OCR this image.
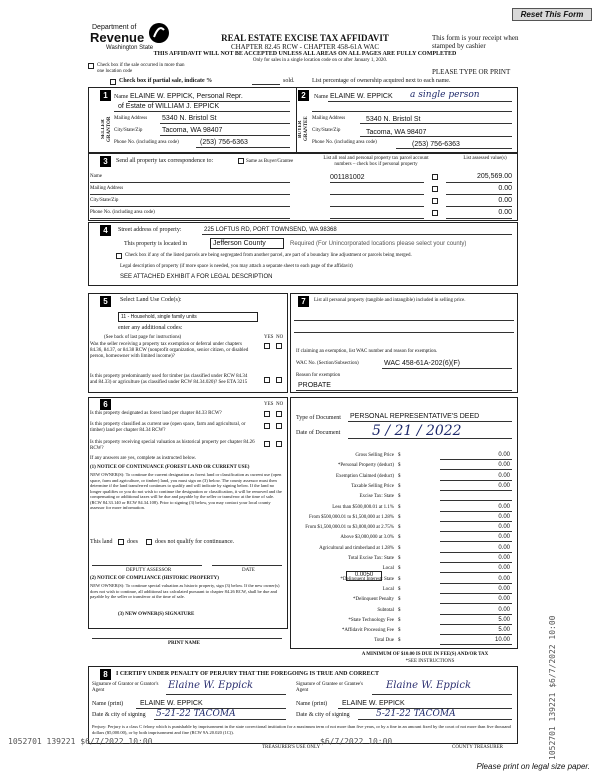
Reset This Form
Department of
Revenue
Washington State
REAL ESTATE EXCISE TAX AFFIDAVIT
CHAPTER 82.45 RCW - CHAPTER 458-61A WAC
THIS AFFIDAVIT WILL NOT BE ACCEPTED UNLESS ALL AREAS ON ALL PAGES ARE FULLY COMPLETED
Only for sales in a single location code on or after January 1, 2020.
This form is your receipt when stamped by cashier
PLEASE TYPE OR PRINT
Check box if the sale occurred in more than one location code
Check box if partial sale, indicate %	sold.	List percentage of ownership acquired next to each name.
1	2
SELLER GRANTOR	BUYER GRANTEE
Name ELAINE W. EPPICK, Personal Repr.
of Estate of WILLIAM J. EPPICK
Mailing Address 5340 N. Bristol St
City/State/Zip	Tacoma, WA 98407
Phone No. (including area code)	(253) 756-6363
Name ELAINE W. EPPICK	a single person
Mailing Address	5340 N. Bristol St
City/State/Zip	Tacoma, WA 98407
Phone No. (including area code)	(253) 756-6363
3	Send all property tax correspondence to:	Same as Buyer/Grantee
Name
Mailing Address
City/State/Zip
Phone No. (including area code)
List all real and personal property tax parcel account numbers – check box if personal property
List assessed value(s)
001181002	205,569.00
0.00
0.00
0.00
4	Street address of property:	225 LOFTUS RD, PORT TOWNSEND, WA 98368
This property is located in	Jefferson County	Required (For Unincorporated locations please select your county)
Check box if any of the listed parcels are being segregated from another parcel, are part of a boundary line adjustment or parcels being merged.
Legal description of property (if more space is needed, you may attach a separate sheet to each page of the affidavit)
SEE ATTACHED EXHIBIT A FOR LEGAL DESCRIPTION
5	Select Land Use Code(s):
11 - Household, single family units
enter any additional codes:
(See back of last page for instructions)	YES NO
Was the seller receiving a property tax exemption or deferral under chapters 84.36, 84.37, or 84.38 RCW (nonprofit organization, senior citizen, or disabled person, homeowner with limited income)?
Is this property predominantly used for timber (as classified under RCW 84.34 and 84.33) or agriculture (as classified under RCW 84.34.020)? See ETA 3215
6	YES NO
Is this property designated as forest land per chapter 84.33 RCW?
Is this property classified as current use (open space, farm and agricultural, or timber) land per chapter 84.34 RCW?
Is this property receiving special valuation as historical property per chapter 84.26 RCW?
If any answers are yes, complete as instructed below.
(1) NOTICE OF CONTINUANCE (FOREST LAND OR CURRENT USE)
NEW OWNER(S): To continue the current designation as forest land or classification as current use (open space, farm and agriculture, or timber) land, you must sign on (3) below. The county assessor must then determine if the land transferred continues to qualify and will indicate by signing below. If the land no longer qualifies or you do not wish to continue the designation or classification, it will be removed and the compensating or additional taxes will be due and payable by the seller or transferor at the time of sale. (RCW 84.33.140 or RCW 84.34.108). Prior to signing (3) below, you may contact your local county assessor for more information.
This land does	does not qualify for continuance.
DEPUTY ASSESSOR	DATE
(2) NOTICE OF COMPLIANCE (HISTORIC PROPERTY)
NEW OWNER(S): To continue special valuation as historic property, sign (3) below. If the new owner(s) does not wish to continue, all additional tax calculated pursuant to chapter 84.26 RCW, shall be due and payable by the seller or transferor at the time of sale.
(3) NEW OWNER(S) SIGNATURE
PRINT NAME
7	List all personal property (tangible and intangible) included in selling price.
If claiming an exemption, list WAC number and reason for exemption.
WAC No. (Section/Subsection)	WAC 458-61A-202(6)(F)
Reason for exemption
PROBATE
Type of Document	PERSONAL REPRESENTATIVE'S DEED
Date of Document	5 / 21 / 2022
Gross Selling Price $	0.00
*Personal Property (deduct) $	0.00
Exemption Claimed (deduct) $	0.00
Taxable Selling Price $	0.00
Excise Tax: State $
Less than $500,000.01 at 1.1% $	0.00
From $500,000.01 to $1,500,000 at 1.28% $	0.00
From $1,500,000.01 to $3,000,000 at 2.75% $	0.00
Above $3,000,000 at 3.0% $	0.00
Agricultural and timberland at 1.28% $	0.00
Total Excise Tax: State $	0.00
Local $	0.00
*Delinquent Interest: State $	0.00
Local $	0.00
*Delinquent Penalty $	0.00
Subtotal $	0.00
*State Technology Fee $	5.00
*Affidavit Processing Fee $	5.00
Total Due $	10.00
0.0050
A MINIMUM OF $10.00 IS DUE IN FEE(S) AND/OR TAX
*SEE INSTRUCTIONS
8	I CERTIFY UNDER PENALTY OF PERJURY THAT THE FOREGOING IS TRUE AND CORRECT
Signature of Grantor or Grantor's Agent	Elaine W. Eppick	Signature of Grantee or Grantee's Agent	Elaine W. Eppick
Name (print) ELAINE W. EPPICK	Name (print) ELAINE W. EPPICK
Date & city of signing	5-21-22 TACOMA	Date & city of signing	5-21-22 TACOMA
Perjury: Perjury is a class C felony which is punishable by imprisonment in the state correctional institution for a maximum term of not more than five years, or by a fine in an amount fixed by the court of not more than five thousand dollars ($5,000.00), or by both imprisonment and fine (RCW 9A.20.020 (1C)).
TREASURER'S USE ONLY	COUNTY TREASURER
1052701 139221 $6/7/2022 10:00	$6/7/2022 10:00	1052701 139221 $6/7/2022 10:00
Please print on legal size paper.
